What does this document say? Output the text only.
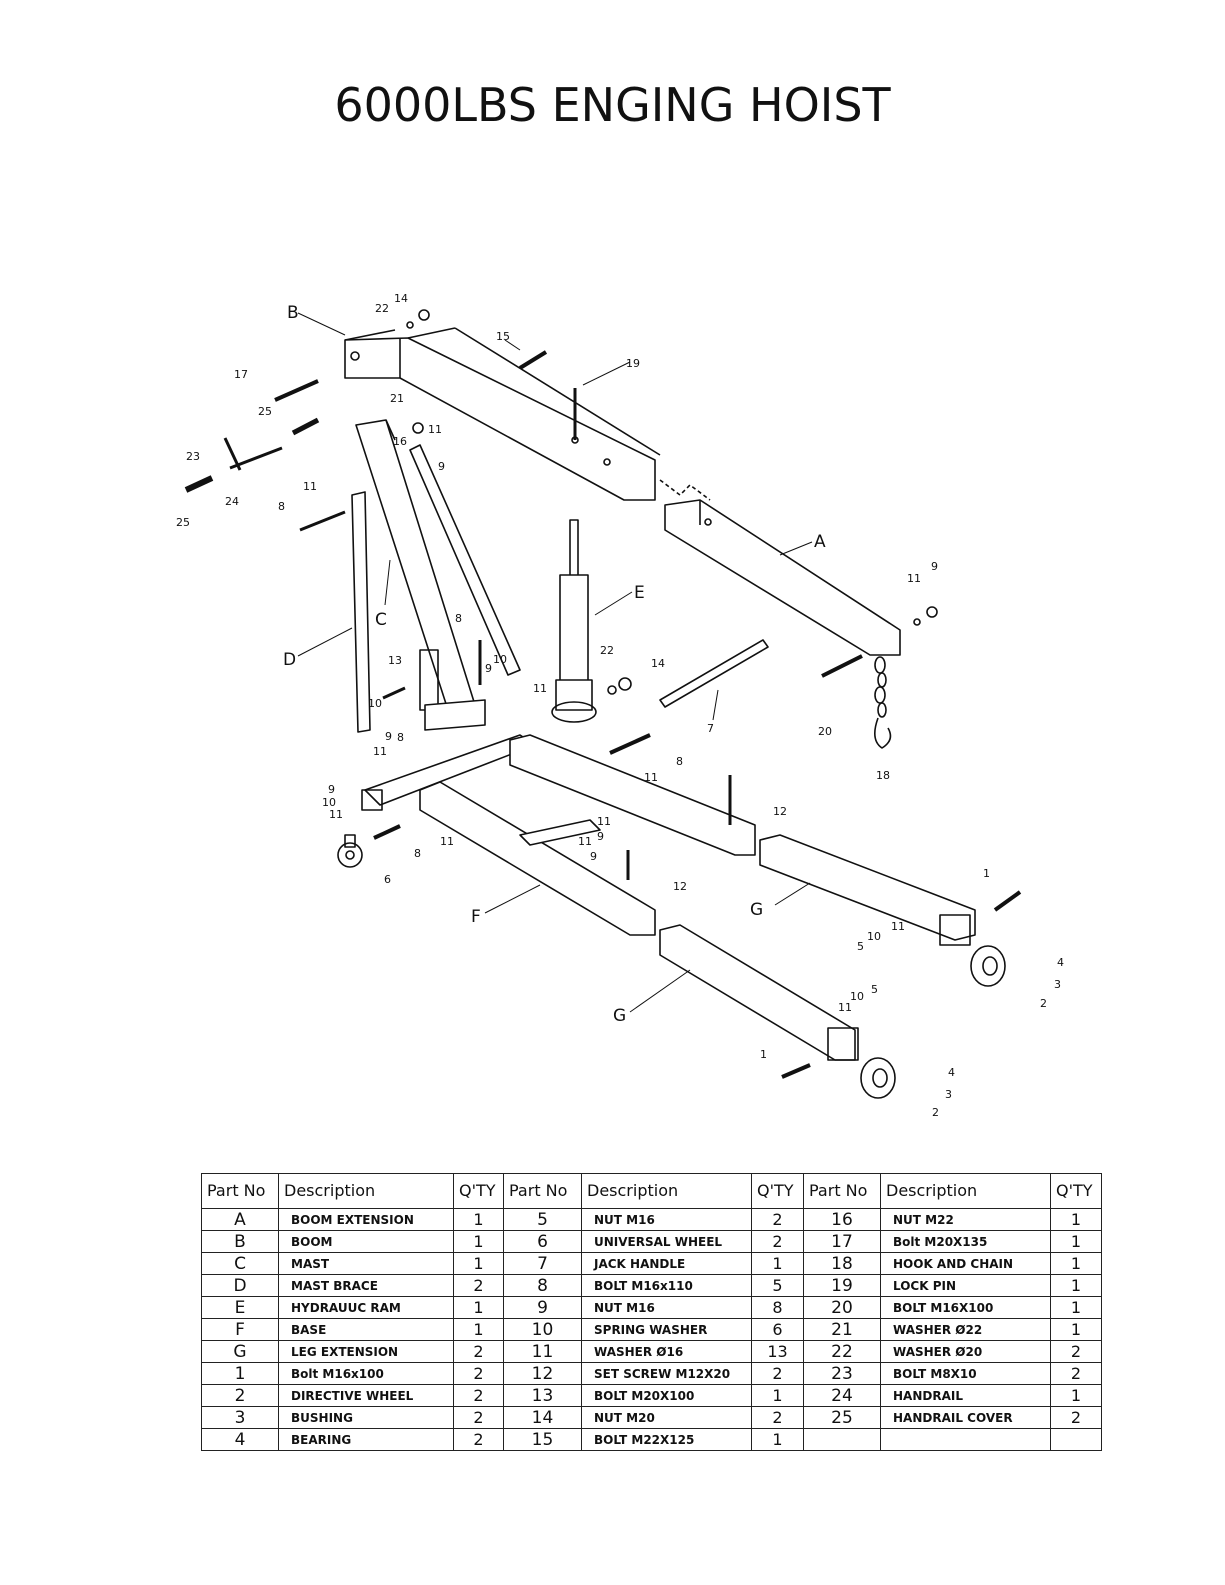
6000LBS ENGING HOIST
B
A
C
D
E
F	G
G
14
22
15
19
17
25
21
16
11
9
23
24
25
11
8
11
9
8
22
14
13	10
9
11
7	20
18
10
9 8
11
8
11
12
9
10
11
11
9
11
9
11
8
6
12
1
11
10
5
4
3
2
5
10
11
1
4
3
2
Part No	Description	Q'TY	Part No	Description	Q'TY	Part No	Description	Q'TY
A	BOOM EXTENSION	1	5	NUT M16	2	16	NUT M22	1
B	BOOM	1	6	UNIVERSAL WHEEL	2	17	Bolt M20X135	1
C	MAST	1	7	JACK HANDLE	1	18	HOOK AND CHAIN	1
D	MAST BRACE	2	8	BOLT M16x110	5	19	LOCK PIN	1
E	HYDRAUUC RAM	1	9	NUT M16	8	20	BOLT M16X100	1
F	BASE	1	10	SPRING WASHER	6	21	WASHER Ø22	1
G	LEG EXTENSION	2	11	WASHER Ø16	13	22	WASHER Ø20	2
1	Bolt M16x100	2	12	SET SCREW M12X20	2	23	BOLT M8X10	2
2	DIRECTIVE WHEEL	2	13	BOLT M20X100	1	24	HANDRAIL	1
3	BUSHING	2	14	NUT M20	2	25	HANDRAIL COVER	2
4	BEARING	2	15	BOLT M22X125	1			
